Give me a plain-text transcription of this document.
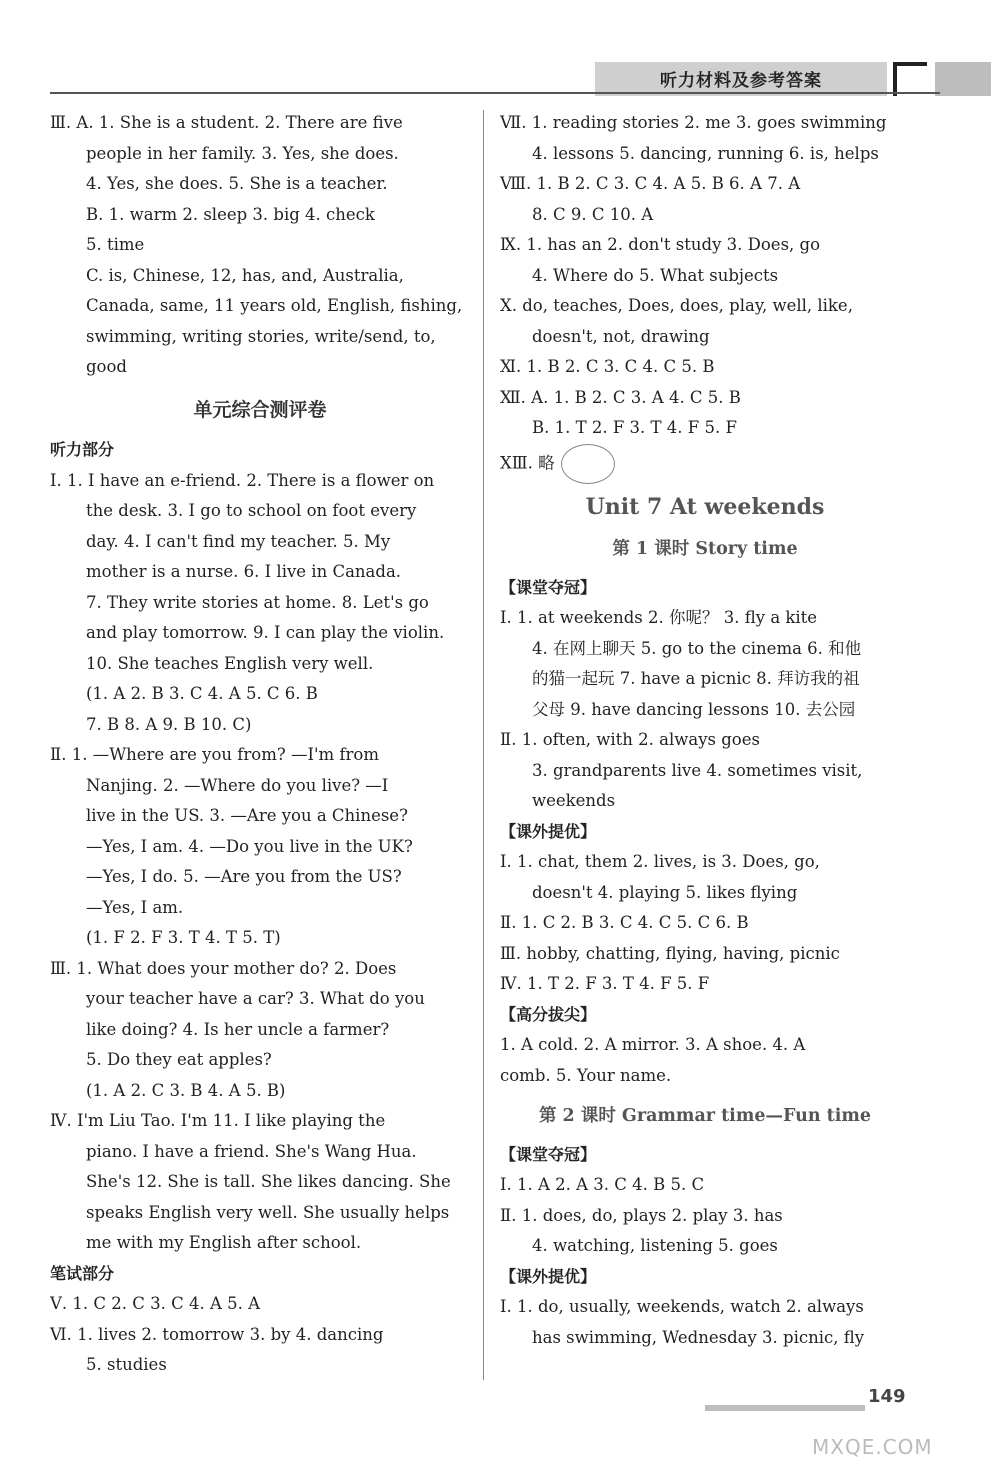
听力材料及参考答案
Ⅲ. A. 1. She is a student. 2. There are five
people in her family. 3. Yes, she does.
4. Yes, she does. 5. She is a teacher.
B. 1. warm 2. sleep 3. big 4. check
5. time
C. is, Chinese, 12, has, and, Australia,
Canada, same, 11 years old, English, fishing,
swimming, writing stories, write/send, to,
good
单元综合测评卷
听力部分
Ⅰ. 1. I have an e-friend. 2. There is a flower on
the desk. 3. I go to school on foot every
day. 4. I can't find my teacher. 5. My
mother is a nurse. 6. I live in Canada.
7. They write stories at home. 8. Let's go
and play tomorrow. 9. I can play the violin.
10. She teaches English very well.
(1. A 2. B 3. C 4. A 5. C 6. B
7. B 8. A 9. B 10. C)
Ⅱ. 1. —Where are you from? —I'm from
Nanjing. 2. —Where do you live? —I
live in the US. 3. —Are you a Chinese?
—Yes, I am. 4. —Do you live in the UK?
—Yes, I do. 5. —Are you from the US?
—Yes, I am.
(1. F 2. F 3. T 4. T 5. T)
Ⅲ. 1. What does your mother do? 2. Does
your teacher have a car? 3. What do you
like doing? 4. Is her uncle a farmer?
5. Do they eat apples?
(1. A 2. C 3. B 4. A 5. B)
Ⅳ. I'm Liu Tao. I'm 11. I like playing the
piano. I have a friend. She's Wang Hua.
She's 12. She is tall. She likes dancing. She
speaks English very well. She usually helps
me with my English after school.
笔试部分
Ⅴ. 1. C 2. C 3. C 4. A 5. A
Ⅵ. 1. lives 2. tomorrow 3. by 4. dancing
5. studies
Ⅶ. 1. reading stories 2. me 3. goes swimming
4. lessons 5. dancing, running 6. is, helps
Ⅷ. 1. B 2. C 3. C 4. A 5. B 6. A 7. A
8. C 9. C 10. A
Ⅸ. 1. has an 2. don't study 3. Does, go
4. Where do 5. What subjects
Ⅹ. do, teaches, Does, does, play, well, like,
doesn't, not, drawing
Ⅺ. 1. B 2. C 3. C 4. C 5. B
Ⅻ. A. 1. B 2. C 3. A 4. C 5. B
B. 1. T 2. F 3. T 4. F 5. F
ⅩⅢ. 略
Unit 7 At weekends
第 1 课时 Story time
【课堂夺冠】
Ⅰ. 1. at weekends 2. 你呢？ 3. fly a kite
4. 在网上聊天 5. go to the cinema 6. 和他
的猫一起玩 7. have a picnic 8. 拜访我的祖
父母 9. have dancing lessons 10. 去公园
Ⅱ. 1. often, with 2. always goes
3. grandparents live 4. sometimes visit,
weekends
【课外提优】
Ⅰ. 1. chat, them 2. lives, is 3. Does, go,
doesn't 4. playing 5. likes flying
Ⅱ. 1. C 2. B 3. C 4. C 5. C 6. B
Ⅲ. hobby, chatting, flying, having, picnic
Ⅳ. 1. T 2. F 3. T 4. F 5. F
【高分拔尖】
1. A cold. 2. A mirror. 3. A shoe. 4. A
comb. 5. Your name.
第 2 课时 Grammar time—Fun time
【课堂夺冠】
Ⅰ. 1. A 2. A 3. C 4. B 5. C
Ⅱ. 1. does, do, plays 2. play 3. has
4. watching, listening 5. goes
【课外提优】
Ⅰ. 1. do, usually, weekends, watch 2. always
has swimming, Wednesday 3. picnic, fly
149
MXQE.COM
